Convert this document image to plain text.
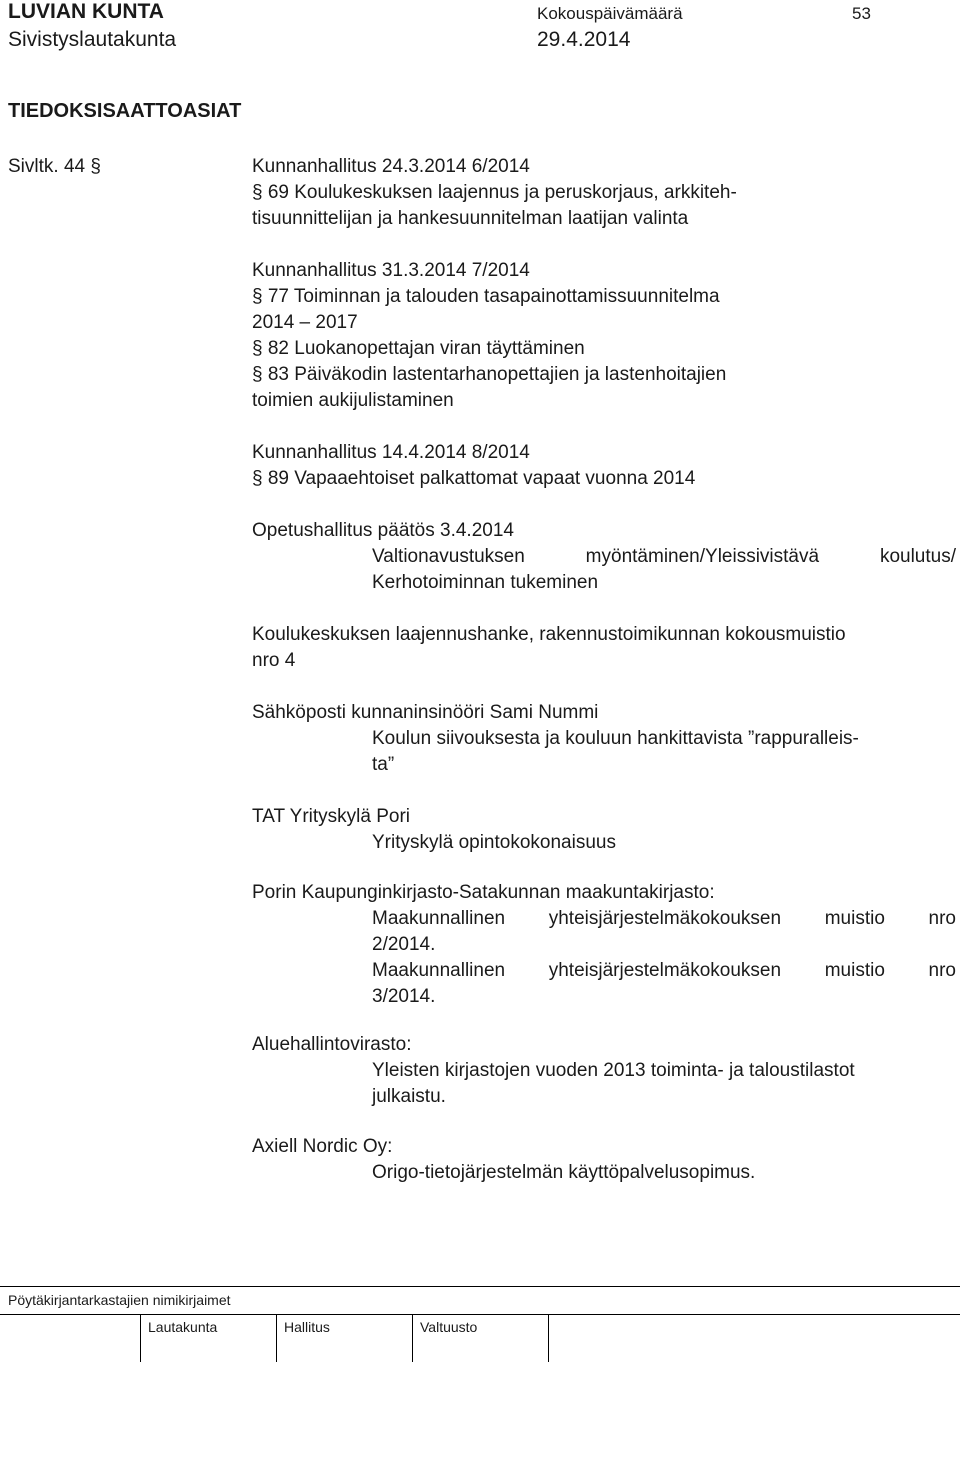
LUVIAN KUNTA
Sivistyslautakunta
Kokouspäivämäärä
29.4.2014
53
TIEDOKSISAATTOASIAT
Sivltk. 44 §	Kunnanhallitus 24.3.2014 6/2014
§ 69 Koulukeskuksen laajennus ja peruskorjaus, arkkiteh-
tisuunnittelijan ja hankesuunnitelman laatijan valinta
Kunnanhallitus 31.3.2014 7/2014
§ 77 Toiminnan ja talouden tasapainottamissuunnitelma
2014 – 2017
§ 82 Luokanopettajan viran täyttäminen
§ 83 Päiväkodin lastentarhanopettajien ja lastenhoitajien
toimien aukijulistaminen
Kunnanhallitus 14.4.2014 8/2014
§ 89 Vapaaehtoiset palkattomat vapaat vuonna 2014
Opetushallitus päätös 3.4.2014
Valtionavustuksen myöntäminen/Yleissivistävä koulutus/
Kerhotoiminnan tukeminen
Koulukeskuksen laajennushanke, rakennustoimikunnan kokousmuistio
nro 4
Sähköposti kunnaninsinööri Sami Nummi
Koulun siivouksesta ja kouluun hankittavista ”rappuralleis-
ta”
TAT Yrityskylä Pori
Yrityskylä opintokokonaisuus
Porin Kaupunginkirjasto-Satakunnan maakuntakirjasto:
Maakunnallinen yhteisjärjestelmäkokouksen muistio nro
2/2014.
Maakunnallinen yhteisjärjestelmäkokouksen muistio nro
3/2014.
Aluehallintovirasto:
Yleisten kirjastojen vuoden 2013 toiminta- ja taloustilastot
julkaistu.
Axiell Nordic Oy:
Origo-tietojärjestelmän käyttöpalvelusopimus.
Pöytäkirjantarkastajien nimikirjaimet
Lautakunta	Hallitus	Valtuusto
